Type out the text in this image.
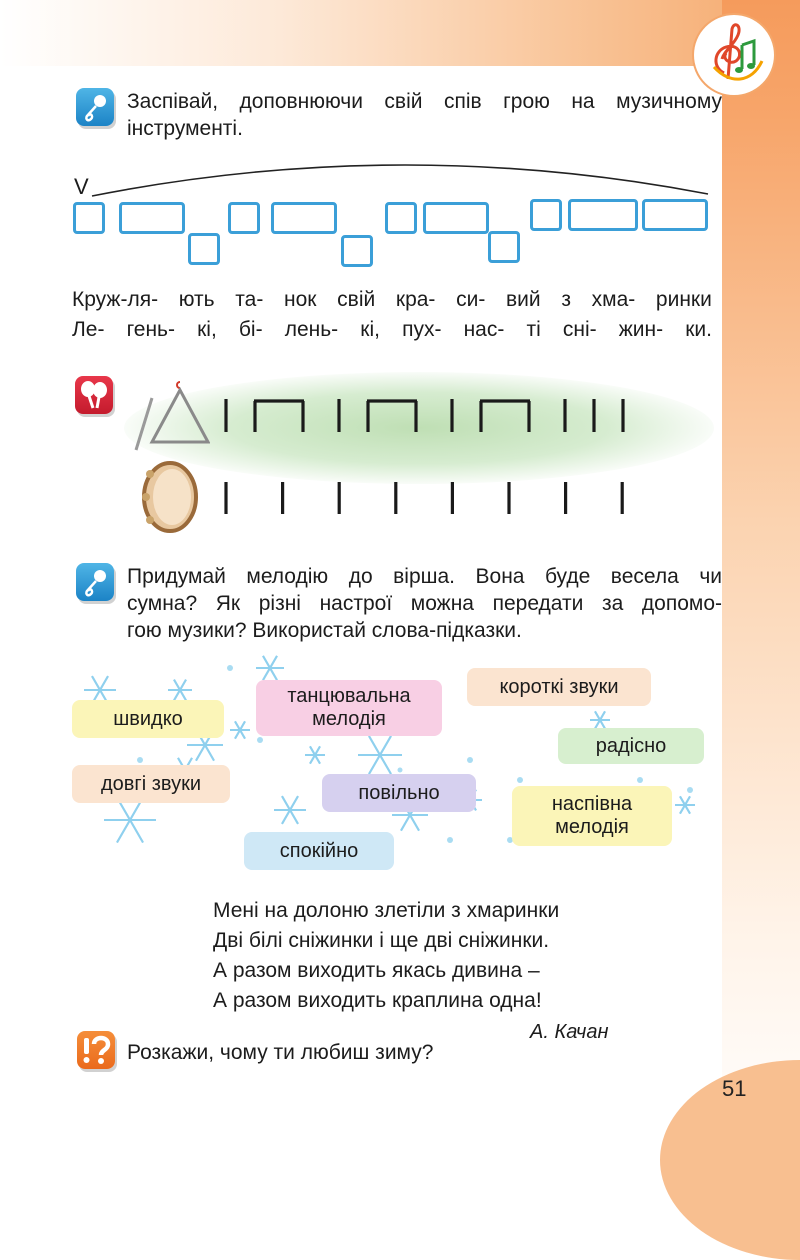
51
Заспівай, доповнюючи свій спів грою на музичному
інструменті.
V
Круж-ля- ють та- нок свій кра- си- вий з хма- ринки
Ле- гень- кі, бі- лень- кі, пух- нас- ті сні- жин- ки.
Придумай мелодію до вірша. Вона буде весела чи
сумна? Як різні настрої можна передати за допомо-
гою музики? Використай слова-підказки.
швидко
танцювальна
мелодія
короткі звуки
радісно
довгі звуки	повільно
наспівна
мелодія
спокійно
Мені на долоню злетіли з хмаринки
Дві білі сніжинки і ще дві сніжинки.
А разом виходить якась дивина –
А разом виходить краплина одна!
А. Качан
Розкажи, чому ти любиш зиму?
